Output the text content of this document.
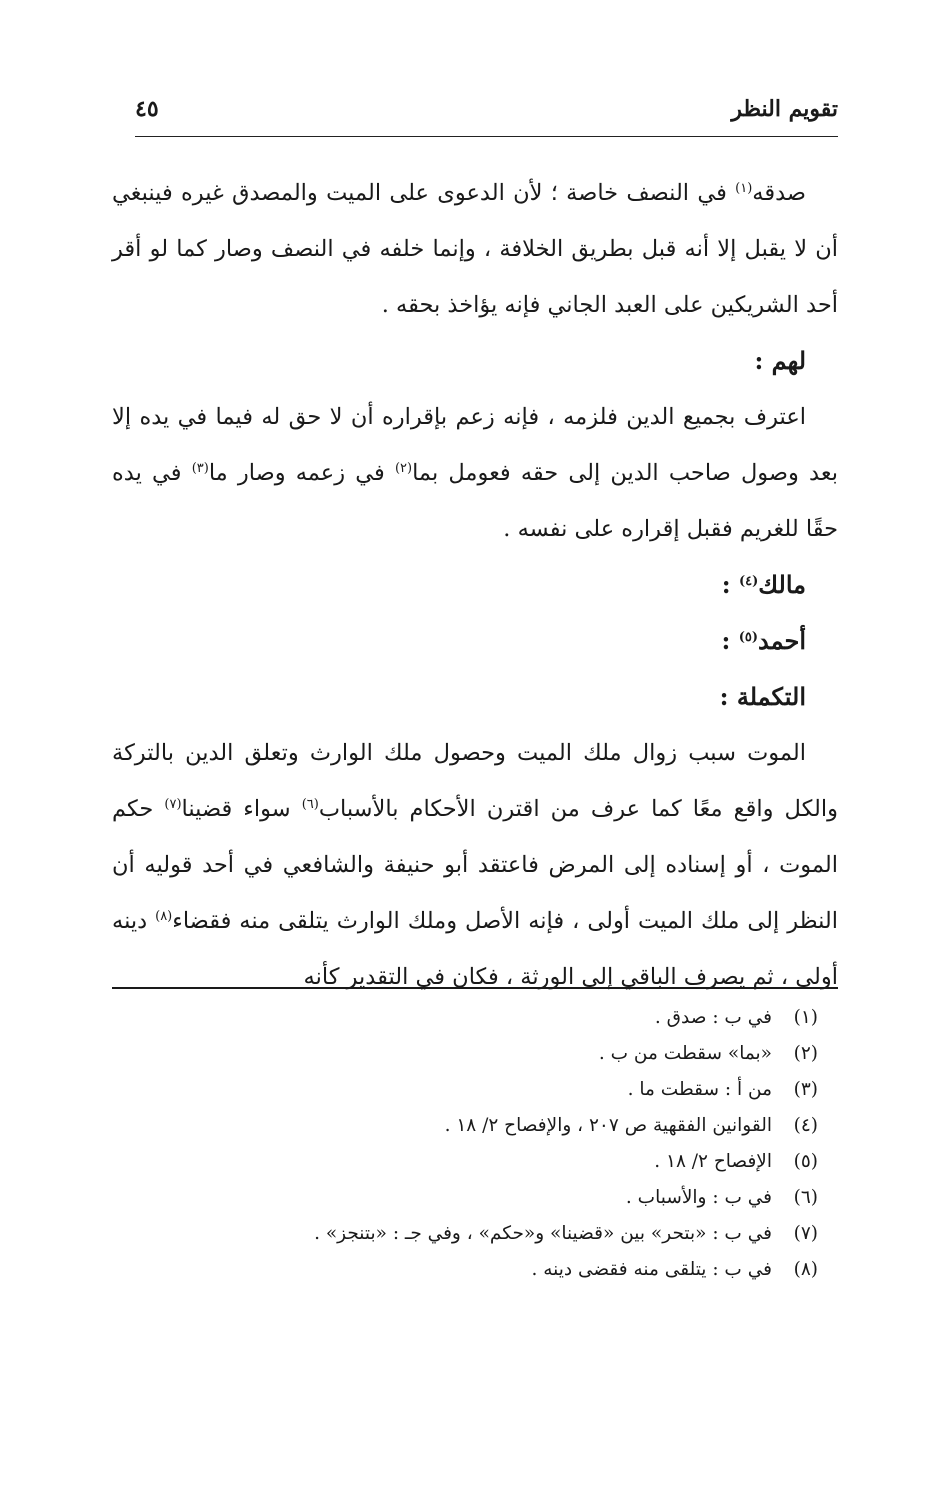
تقويم النظر
٤٥

صدقه$^{(١)}$ في النصف خاصة ؛ لأن الدعوى على الميت والمصدق غيره فينبغي أن لا يقبل إلا أنه قبل بطريق الخلافة ، وإنما خلفه في النصف وصار كما لو أقر أحد الشريكين على العبد الجاني فإنه يؤاخذ بحقه .

لهم :

اعترف بجميع الدين فلزمه ، فإنه زعم بإقراره أن لا حق له فيما في يده إلا بعد وصول صاحب الدين إلى حقه فعومل بما$^{(٢)}$ في زعمه وصار ما$^{(٣)}$ في يده حقًا للغريم فقبل إقراره على نفسه .

مالك$^{(٤)}$ :

أحمد$^{(٥)}$ :

التكملة :

الموت سبب زوال ملك الميت وحصول ملك الوارث وتعلق الدين بالتركة والكل واقع معًا كما عرف من اقترن الأحكام بالأسباب$^{(٦)}$ سواء قضينا$^{(٧)}$ حكم الموت ، أو إسناده إلى المرض فاعتقد أبو حنيفة والشافعي في أحد قوليه أن النظر إلى ملك الميت أولى ، فإنه الأصل وملك الوارث يتلقى منه فقضاء$^{(٨)}$ دينه أولى ، ثم يصرف الباقي إلى الورثة ، فكان في التقدير كأنه

(١)في ب : صدق .
(٢)«بما» سقطت من ب .
(٣)من أ : سقطت ما .
(٤)القوانين الفقهية ص ٢٠٧ ، والإفصاح ٢/ ١٨ .
(٥)الإفصاح ٢/ ١٨ .
(٦)في ب : والأسباب .
(٧)في ب : «بتحر» بين «قضينا» و«حكم» ، وفي جـ : «بتنجز» .
(٨)في ب : يتلقى منه فقضى دينه .
